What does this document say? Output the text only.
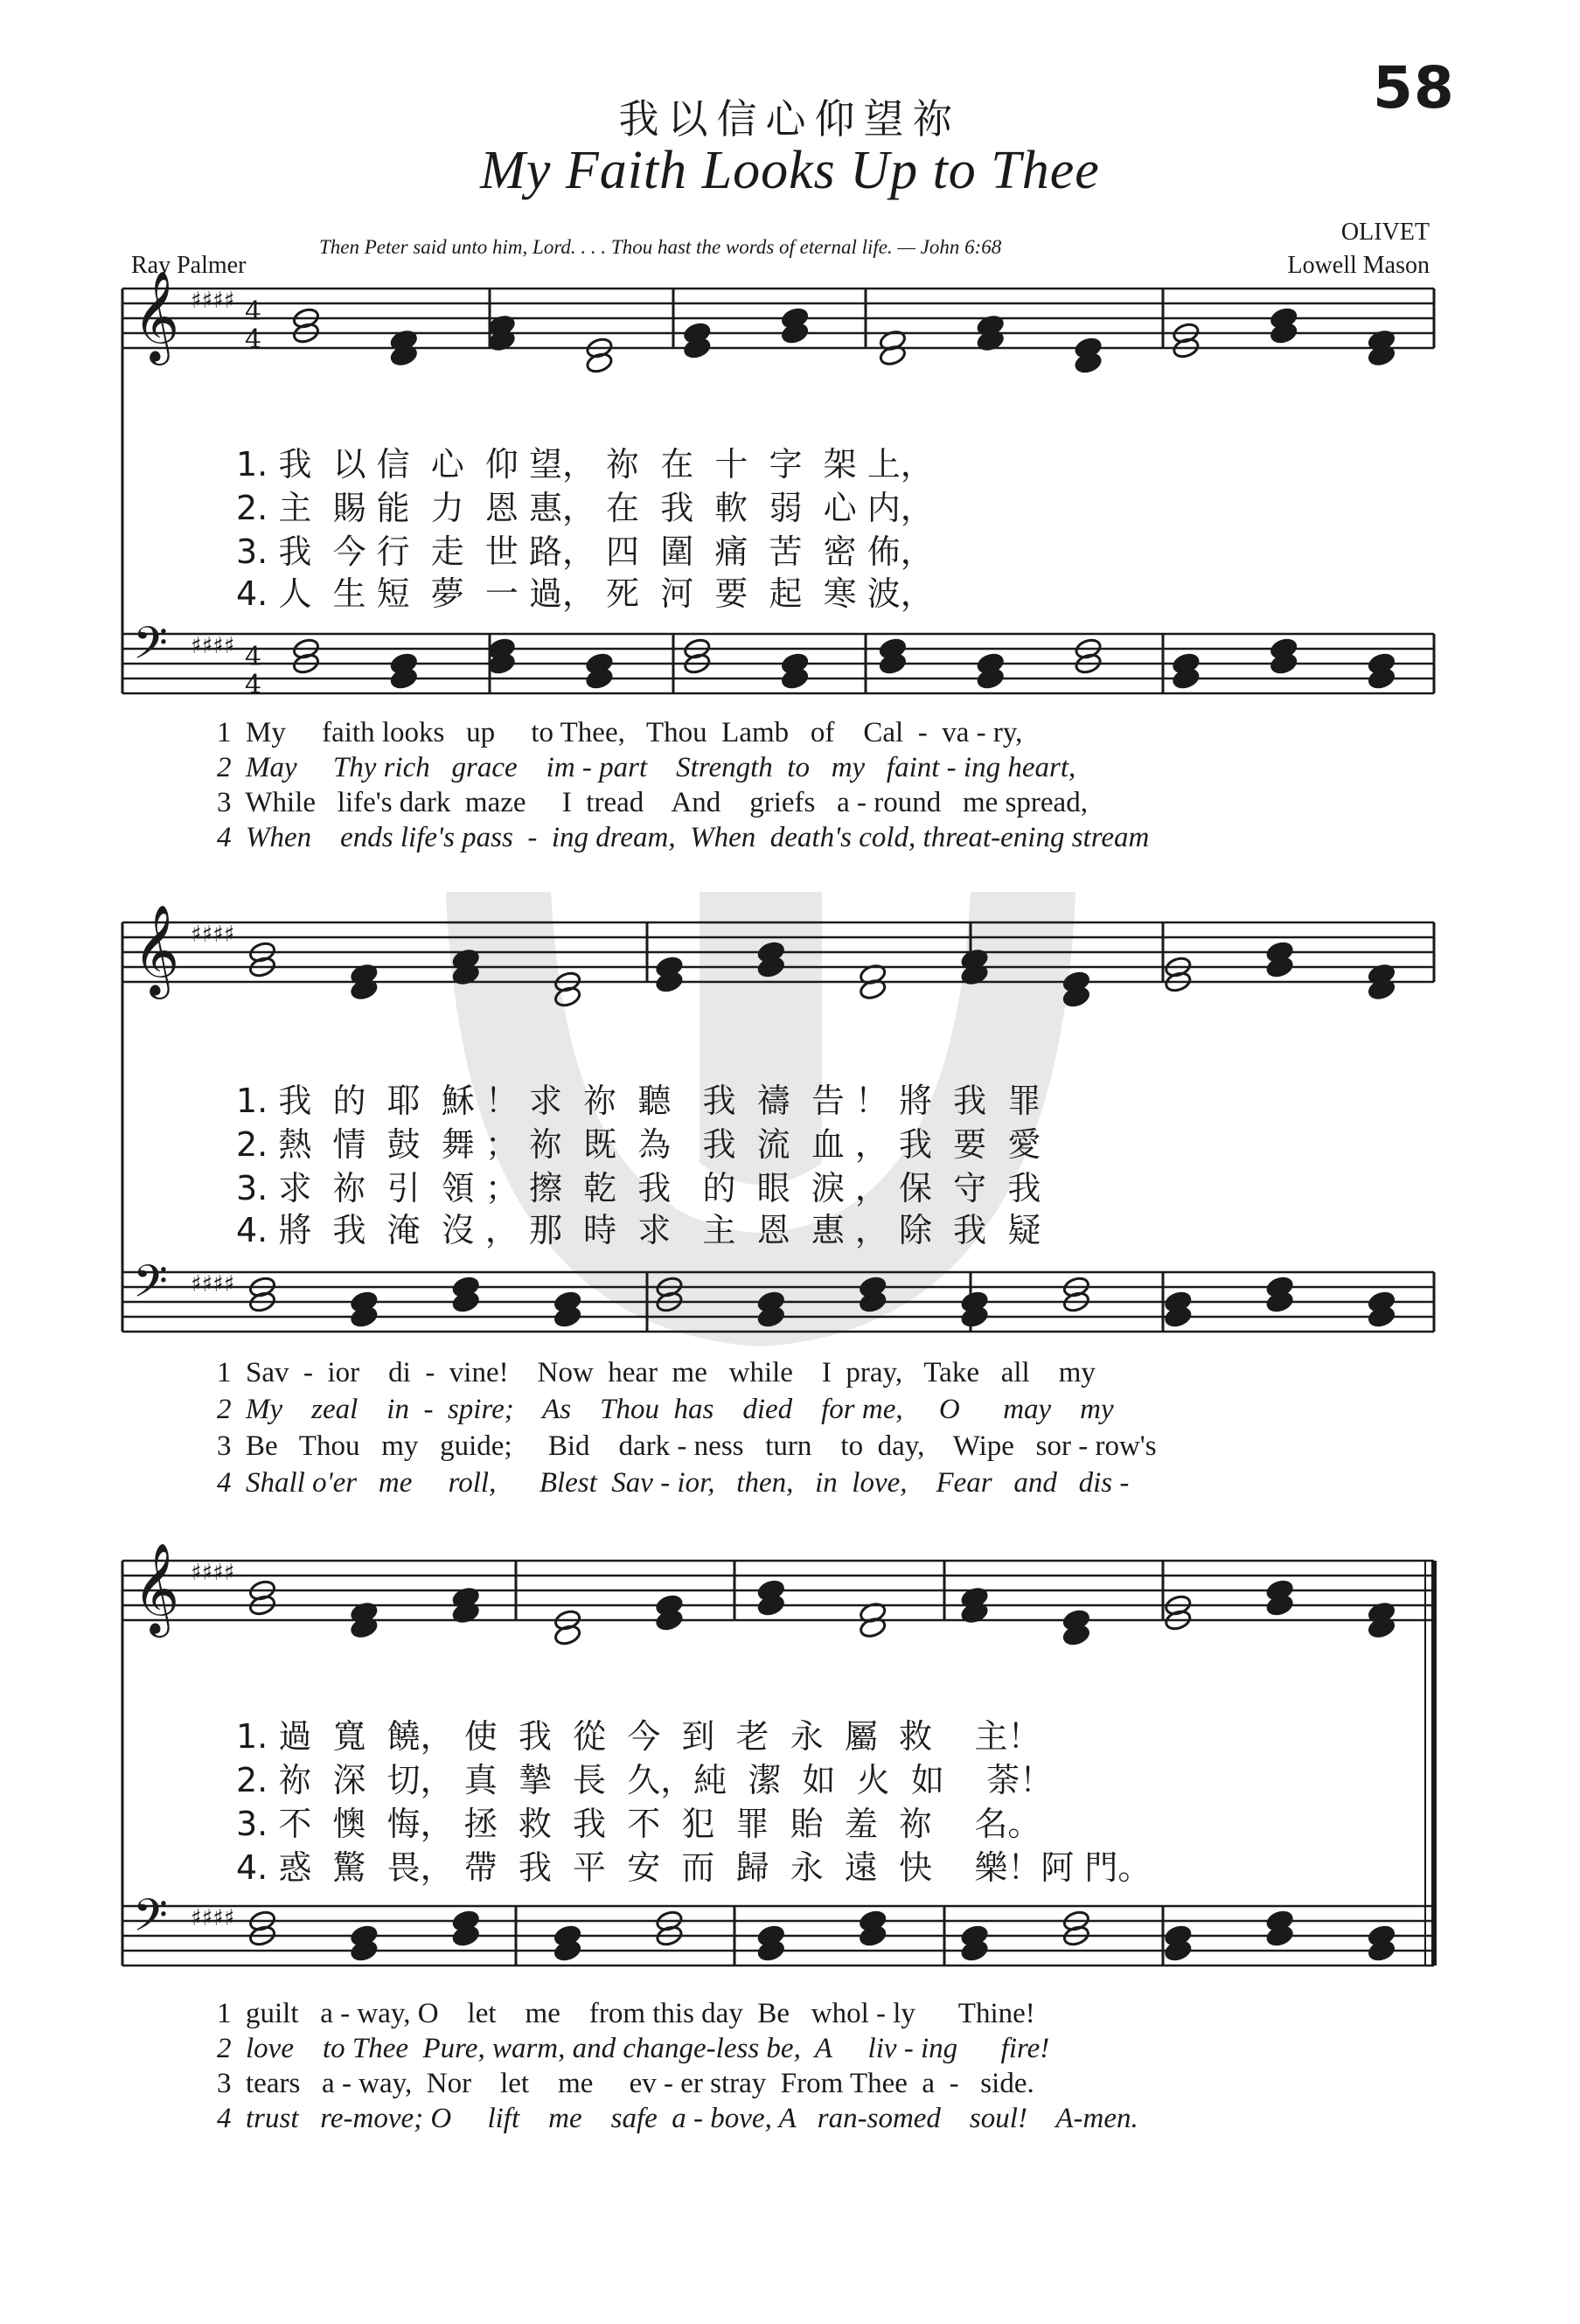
58
我以信心仰望祢
My Faith Looks Up to Thee
Then Peter said unto him, Lord. . . . Thou hast the words of eternal life. — John 6:68
OLIVET
Ray Palmer	Lowell Mason
𝄞 ♯♯♯♯
𝄢 ♯♯♯♯
4
4
4
4
𝄞 ♯♯♯♯
𝄢 ♯♯♯♯
𝄞 ♯♯♯♯
𝄢 ♯♯♯♯
1. 我  以 信  心  仰 望， 祢  在  十  字  架 上，
2. 主  賜 能  力  恩 惠， 在  我  軟  弱  心 内，
3. 我  今 行  走  世 路， 四  圍  痛  苦  密 佈，
4. 人  生 短  夢  一 過， 死  河  要  起  寒 波，
1  My     faith looks   up     to Thee,   Thou  Lamb   of    Cal  -  va - ry,
2  May     Thy rich   grace    im - part    Strength  to   my   faint - ing heart,
3  While   life's dark  maze     I  tread    And    griefs   a - round   me spread,
4  When    ends life's pass  -  ing dream,  When  death's cold, threat-ening stream
1. 我  的  耶  穌 ！ 求  祢  聽   我  禱  告 ！ 將  我  罪
2. 熱  情  鼓  舞 ； 祢  既  為   我  流  血 ， 我  要  愛
3. 求  祢  引  領 ； 擦  乾  我   的  眼  淚 ， 保  守  我
4. 將  我  淹  沒 ， 那  時  求   主  恩  惠 ， 除  我  疑
1  Sav  -  ior    di  -  vine!    Now  hear  me   while    I  pray,   Take   all    my
2  My    zeal    in  -  spire;    As    Thou  has    died    for me,     O      may    my
3  Be   Thou   my   guide;     Bid    dark - ness   turn    to  day,    Wipe   sor - row's
4  Shall o'er   me     roll,      Blest  Sav - ior,   then,   in  love,    Fear   and   dis -
1. 過  寬  饒， 使  我  從  今  到  老  永  屬  救    主！
2. 祢  深  切， 真  摯  長  久，純  潔  如  火  如    荼！
3. 不  懊  悔， 拯  救  我  不  犯  罪  貽  羞  祢    名。
4. 惑  驚  畏， 帶  我  平  安  而  歸  永  遠  快    樂！阿 門。
1  guilt   a - way, O    let    me    from this day  Be   whol - ly      Thine!
2  love    to Thee  Pure, warm, and change-less be,  A     liv - ing      fire!
3  tears   a - way,  Nor    let    me     ev - er stray  From Thee  a  -   side.
4  trust   re-move; O     lift    me    safe  a - bove, A   ran-somed    soul!    A-men.
